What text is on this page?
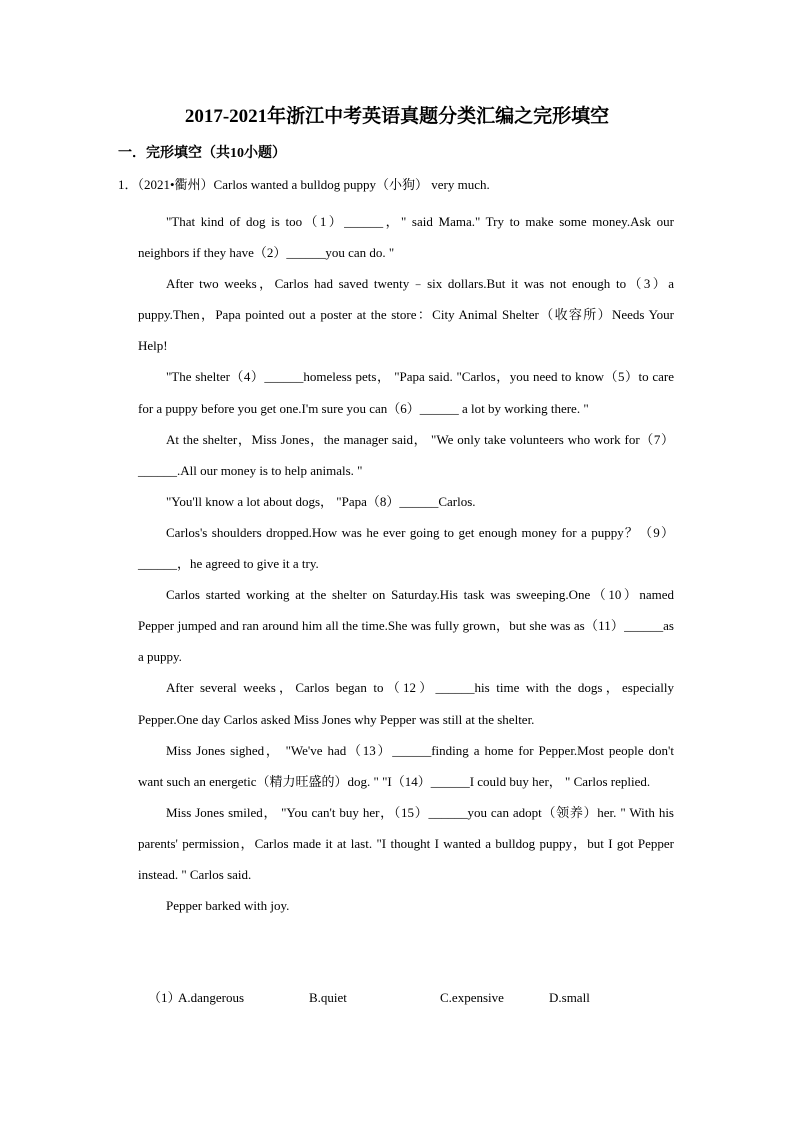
2017-2021年浙江中考英语真题分类汇编之完形填空
一．完形填空（共10小题）
1．（2021•衢州）Carlos wanted a bulldog puppy（小狗） very much.

"That kind of dog is too（1）______，" said Mama." Try to make some money.Ask our neighbors if they have（2）______you can do. "

After two weeks，Carlos had saved twenty﹣six dollars.But it was not enough to（3）a puppy.Then，Papa pointed out a poster at the store：City Animal Shelter（收容所）Needs Your Help!

"The shelter（4）______homeless pets， "Papa said. "Carlos，you need to know（5）to care for a puppy before you get one.I'm sure you can（6）______ a lot by working there. "

At the shelter，Miss Jones，the manager said， "We only take volunteers who work for（7）______.All our money is to help animals. "

"You'll know a lot about dogs， "Papa（8）______Carlos.

Carlos's shoulders dropped.How was he ever going to get enough money for a puppy？（9）______，he agreed to give it a try.

Carlos started working at the shelter on Saturday.His task was sweeping.One（10）named Pepper jumped and ran around him all the time.She was fully grown，but she was as（11）______as a puppy.

After several weeks，Carlos began to（12）______his time with the dogs，especially Pepper.One day Carlos asked Miss Jones why Pepper was still at the shelter.

Miss Jones sighed， "We've had（13）______finding a home for Pepper.Most people don't want such an energetic（精力旺盛的）dog. " "I（14）______I could buy her， " Carlos replied.

Miss Jones smiled， "You can't buy her，（15）______you can adopt（领养）her. " With his parents' permission，Carlos made it at last. "I thought I wanted a bulldog puppy，but I got Pepper instead. " Carlos said.

Pepper barked with joy.

（1）
A.dangerous	B.quiet	C.expensive	D.small
